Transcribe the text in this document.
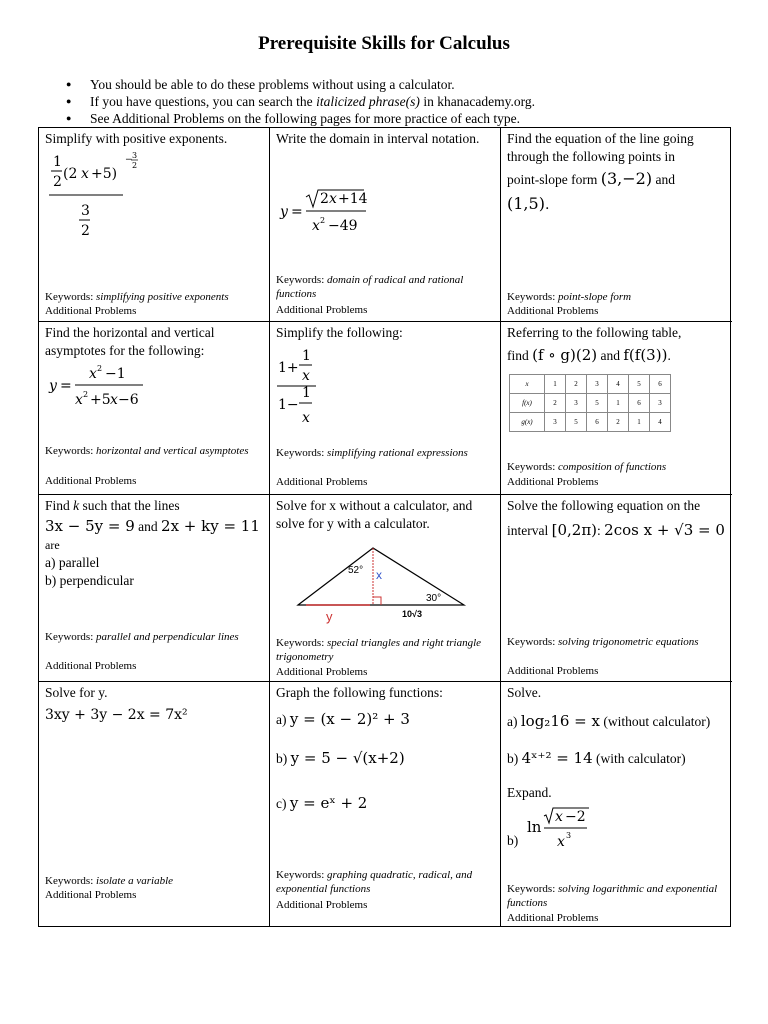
Prerequisite Skills for Calculus
● You should be able to do these problems without using a calculator.
● If you have questions, you can search the italicized phrase(s) in khanacademy.org.
● See Additional Problems on the following pages for more practice of each type.
Simplify with positive exponents.
1
2 (2 x +5)
− 3
2
3
2
Keywords: simplifying positive exponents
Additional Problems
Write the domain in interval notation.
y =
2 x +14
x 2 −49
Keywords: domain of radical and rational functions
Additional Problems
Find the equation of the line going through the following points in
point-slope form (3,−2) and
(1,5).
Keywords: point-slope form
Additional Problems
Find the horizontal and vertical asymptotes for the following:
y =
x 2 −1
x 2 +5 x −6
Keywords: horizontal and vertical asymptotes
Additional Problems
Simplify the following:
1+
1
x
1−
1
x
Keywords: simplifying rational expressions
Additional Problems
Referring to the following table,
find (f ∘ g)(2) and f(f(3)).
x	1	2	3	4	5	6
f(x)	2	3	5	1	6	3
g(x)	3	5	6	2	1	4
Keywords: composition of functions
Additional Problems
Find k such that the lines
3x − 5y = 9 and 2x + ky = 11 are
a) parallel
b) perpendicular
Keywords: parallel and perpendicular lines
Additional Problems
Solve for x without a calculator, and solve for y with a calculator.
52° x
30°
y	10√3
Keywords: special triangles and right triangle trigonometry
Additional Problems
Solve the following equation on the
interval [0,2π): 2cos x + √3 = 0
Keywords: solving trigonometric equations
Additional Problems
Solve for y.
3xy + 3y − 2x = 7x²
Keywords: isolate a variable
Additional Problems
Graph the following functions:
a) y = (x − 2)² + 3
b) y = 5 − √(x+2)
c) y = eˣ + 2
Keywords: graphing quadratic, radical, and exponential functions
Additional Problems
Solve.
a) log₂16 = x (without calculator)
b) 4ˣ⁺² = 14 (with calculator)
Expand.
b)
ln
x −2
x 3
Keywords: solving logarithmic and exponential functions
Additional Problems
